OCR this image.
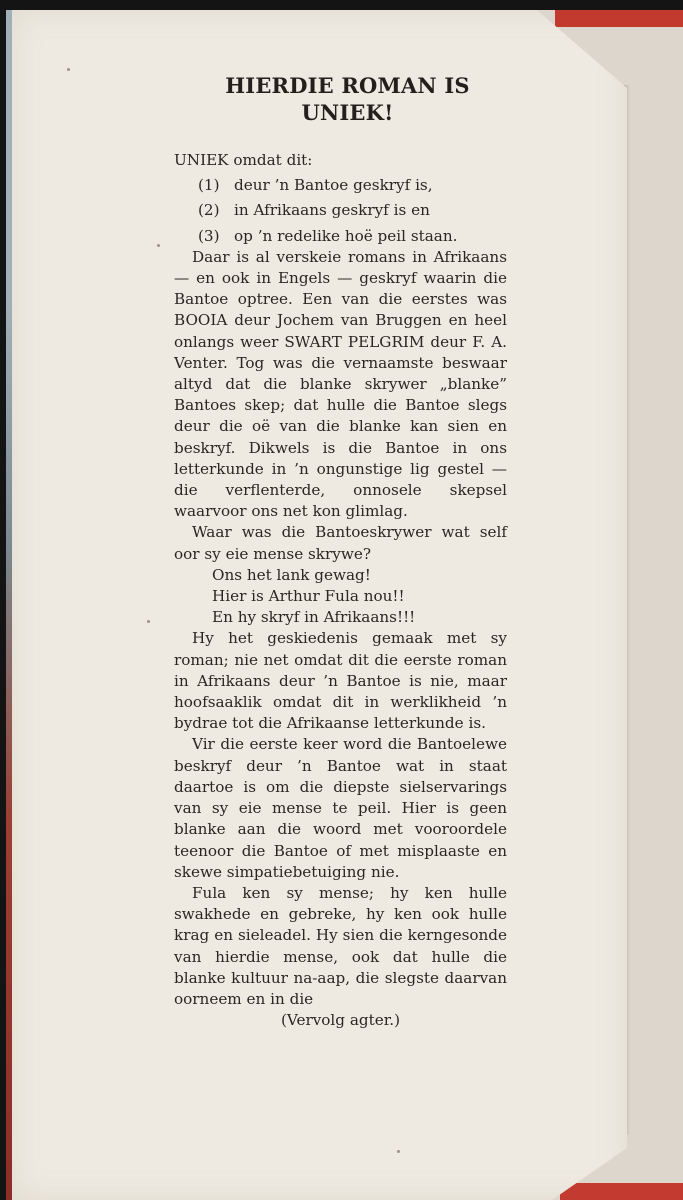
HIERDIE ROMAN IS
UNIEK!
UNIEK omdat dit:
(1) deur ’n Bantoe geskryf is,
(2) in Afrikaans geskryf is en
(3) op ’n redelike hoë peil staan.

Daar is al verskeie romans in Afrikaans — en ook in Engels — geskryf waarin die Bantoe optree. Een van die eerstes was BOOIA deur Jochem van Bruggen en heel onlangs weer SWART PELGRIM deur F. A. Venter. Tog was die vernaamste beswaar altyd dat die blanke skrywer „blanke” Bantoes skep; dat hulle die Bantoe slegs deur die oë van die blanke kan sien en beskryf. Dikwels is die Bantoe in ons letterkunde in ’n ongunstige lig gestel — die verflenterde, onnosele skepsel waarvoor ons net kon glimlag.

Waar was die Bantoeskrywer wat self oor sy eie mense skrywe?

Ons het lank gewag!
Hier is Arthur Fula nou!!
En hy skryf in Afrikaans!!!

Hy het geskiedenis gemaak met sy roman; nie net omdat dit die eerste roman in Afrikaans deur ’n Bantoe is nie, maar hoofsaaklik omdat dit in werklikheid ’n bydrae tot die Afrikaanse letterkunde is.

Vir die eerste keer word die Bantoelewe beskryf deur ’n Bantoe wat in staat daartoe is om die diepste sielservarings van sy eie mense te peil. Hier is geen blanke aan die woord met vooroordele teenoor die Bantoe of met misplaaste en skewe simpatiebetuiging nie.

Fula ken sy mense; hy ken hulle swakhede en gebreke, hy ken ook hulle krag en sieleadel. Hy sien die kerngesonde van hierdie mense, ook dat hulle die blanke kultuur na-aap, die slegste daarvan oorneem en in die

(Vervolg agter.)
